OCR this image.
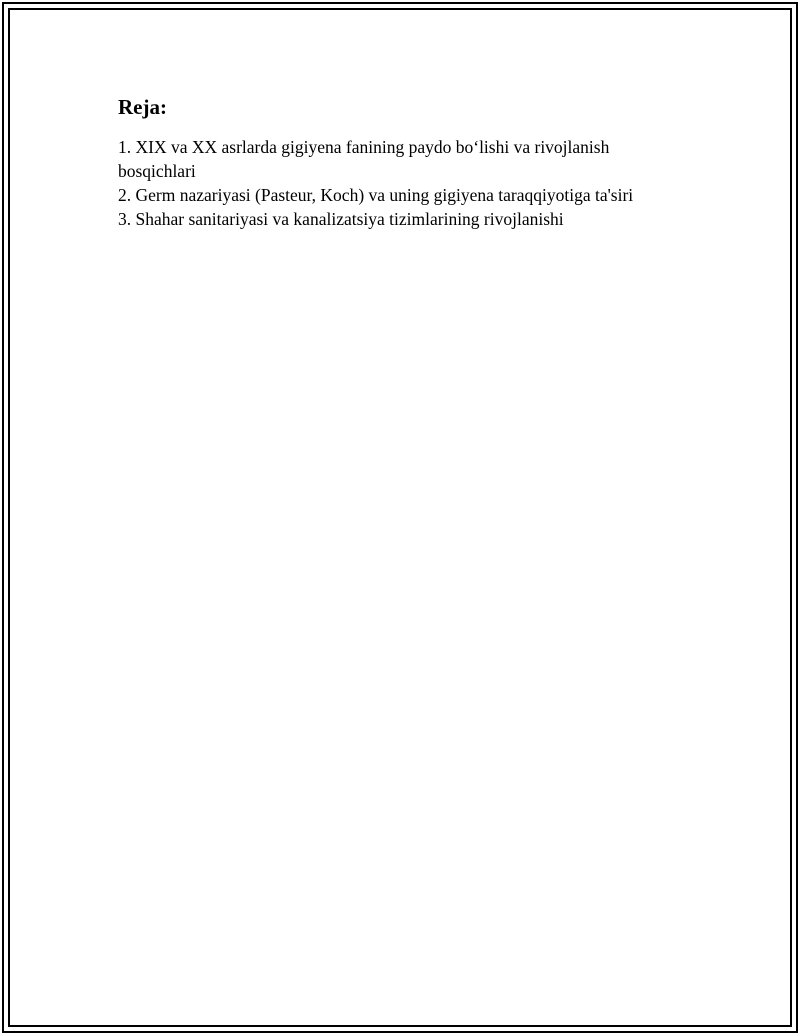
Reja:
1. XIX va XX asrlarda gigiyena fanining paydo bo‘lishi va rivojlanish bosqichlari
2. Germ nazariyasi (Pasteur, Koch) va uning gigiyena taraqqiyotiga ta'siri
3. Shahar sanitariyasi va kanalizatsiya tizimlarining rivojlanishi
